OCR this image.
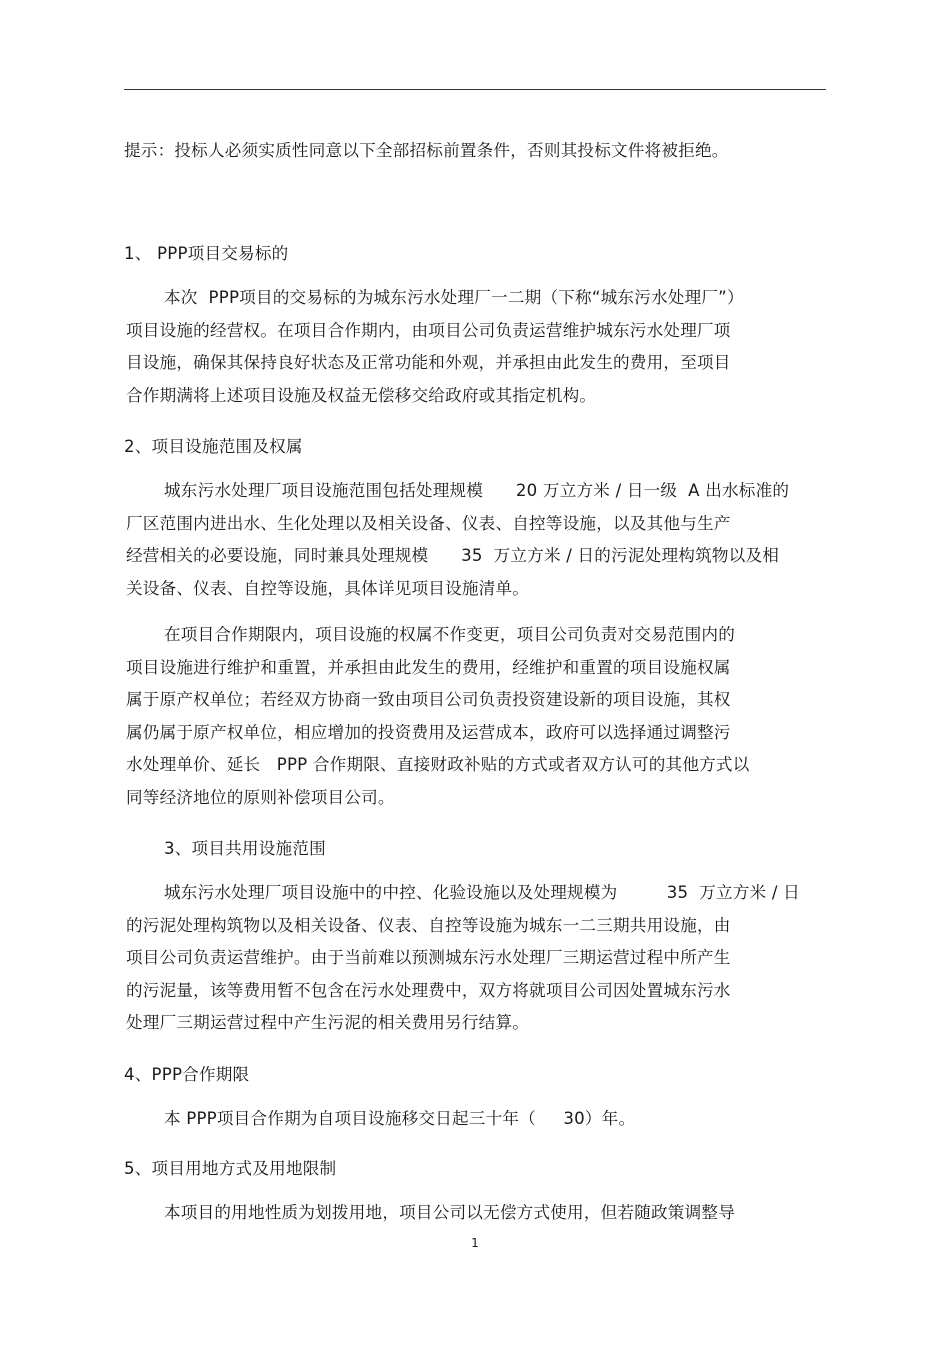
提示：投标人必须实质性同意以下全部招标前置条件，否则其投标文件将被拒绝。
1、 PPP项目交易标的
本次  PPP项目的交易标的为城东污水处理厂一二期（下称“城东污水处理厂”）
项目设施的经营权。在项目合作期内，由项目公司负责运营维护城东污水处理厂项
目设施，确保其保持良好状态及正常功能和外观，并承担由此发生的费用，至项目
合作期满将上述项目设施及权益无偿移交给政府或其指定机构。
2、项目设施范围及权属
城东污水处理厂项目设施范围包括处理规模      20 万立方米 / 日一级  A 出水标准的
厂区范围内进出水、生化处理以及相关设备、仪表、自控等设施，以及其他与生产
经营相关的必要设施，同时兼具处理规模      35  万立方米 / 日的污泥处理构筑物以及相
关设备、仪表、自控等设施，具体详见项目设施清单。
在项目合作期限内，项目设施的权属不作变更，项目公司负责对交易范围内的
项目设施进行维护和重置，并承担由此发生的费用，经维护和重置的项目设施权属
属于原产权单位；若经双方协商一致由项目公司负责投资建设新的项目设施，其权
属仍属于原产权单位，相应增加的投资费用及运营成本，政府可以选择通过调整污
水处理单价、延长   PPP 合作期限、直接财政补贴的方式或者双方认可的其他方式以
同等经济地位的原则补偿项目公司。
3、项目共用设施范围
城东污水处理厂项目设施中的中控、化验设施以及处理规模为         35  万立方米 / 日
的污泥处理构筑物以及相关设备、仪表、自控等设施为城东一二三期共用设施，由
项目公司负责运营维护。由于当前难以预测城东污水处理厂三期运营过程中所产生
的污泥量，该等费用暂不包含在污水处理费中，双方将就项目公司因处置城东污水
处理厂三期运营过程中产生污泥的相关费用另行结算。
4、PPP合作期限
本 PPP项目合作期为自项目设施移交日起三十年（     30）年。
5、项目用地方式及用地限制
本项目的用地性质为划拨用地，项目公司以无偿方式使用，但若随政策调整导
1
